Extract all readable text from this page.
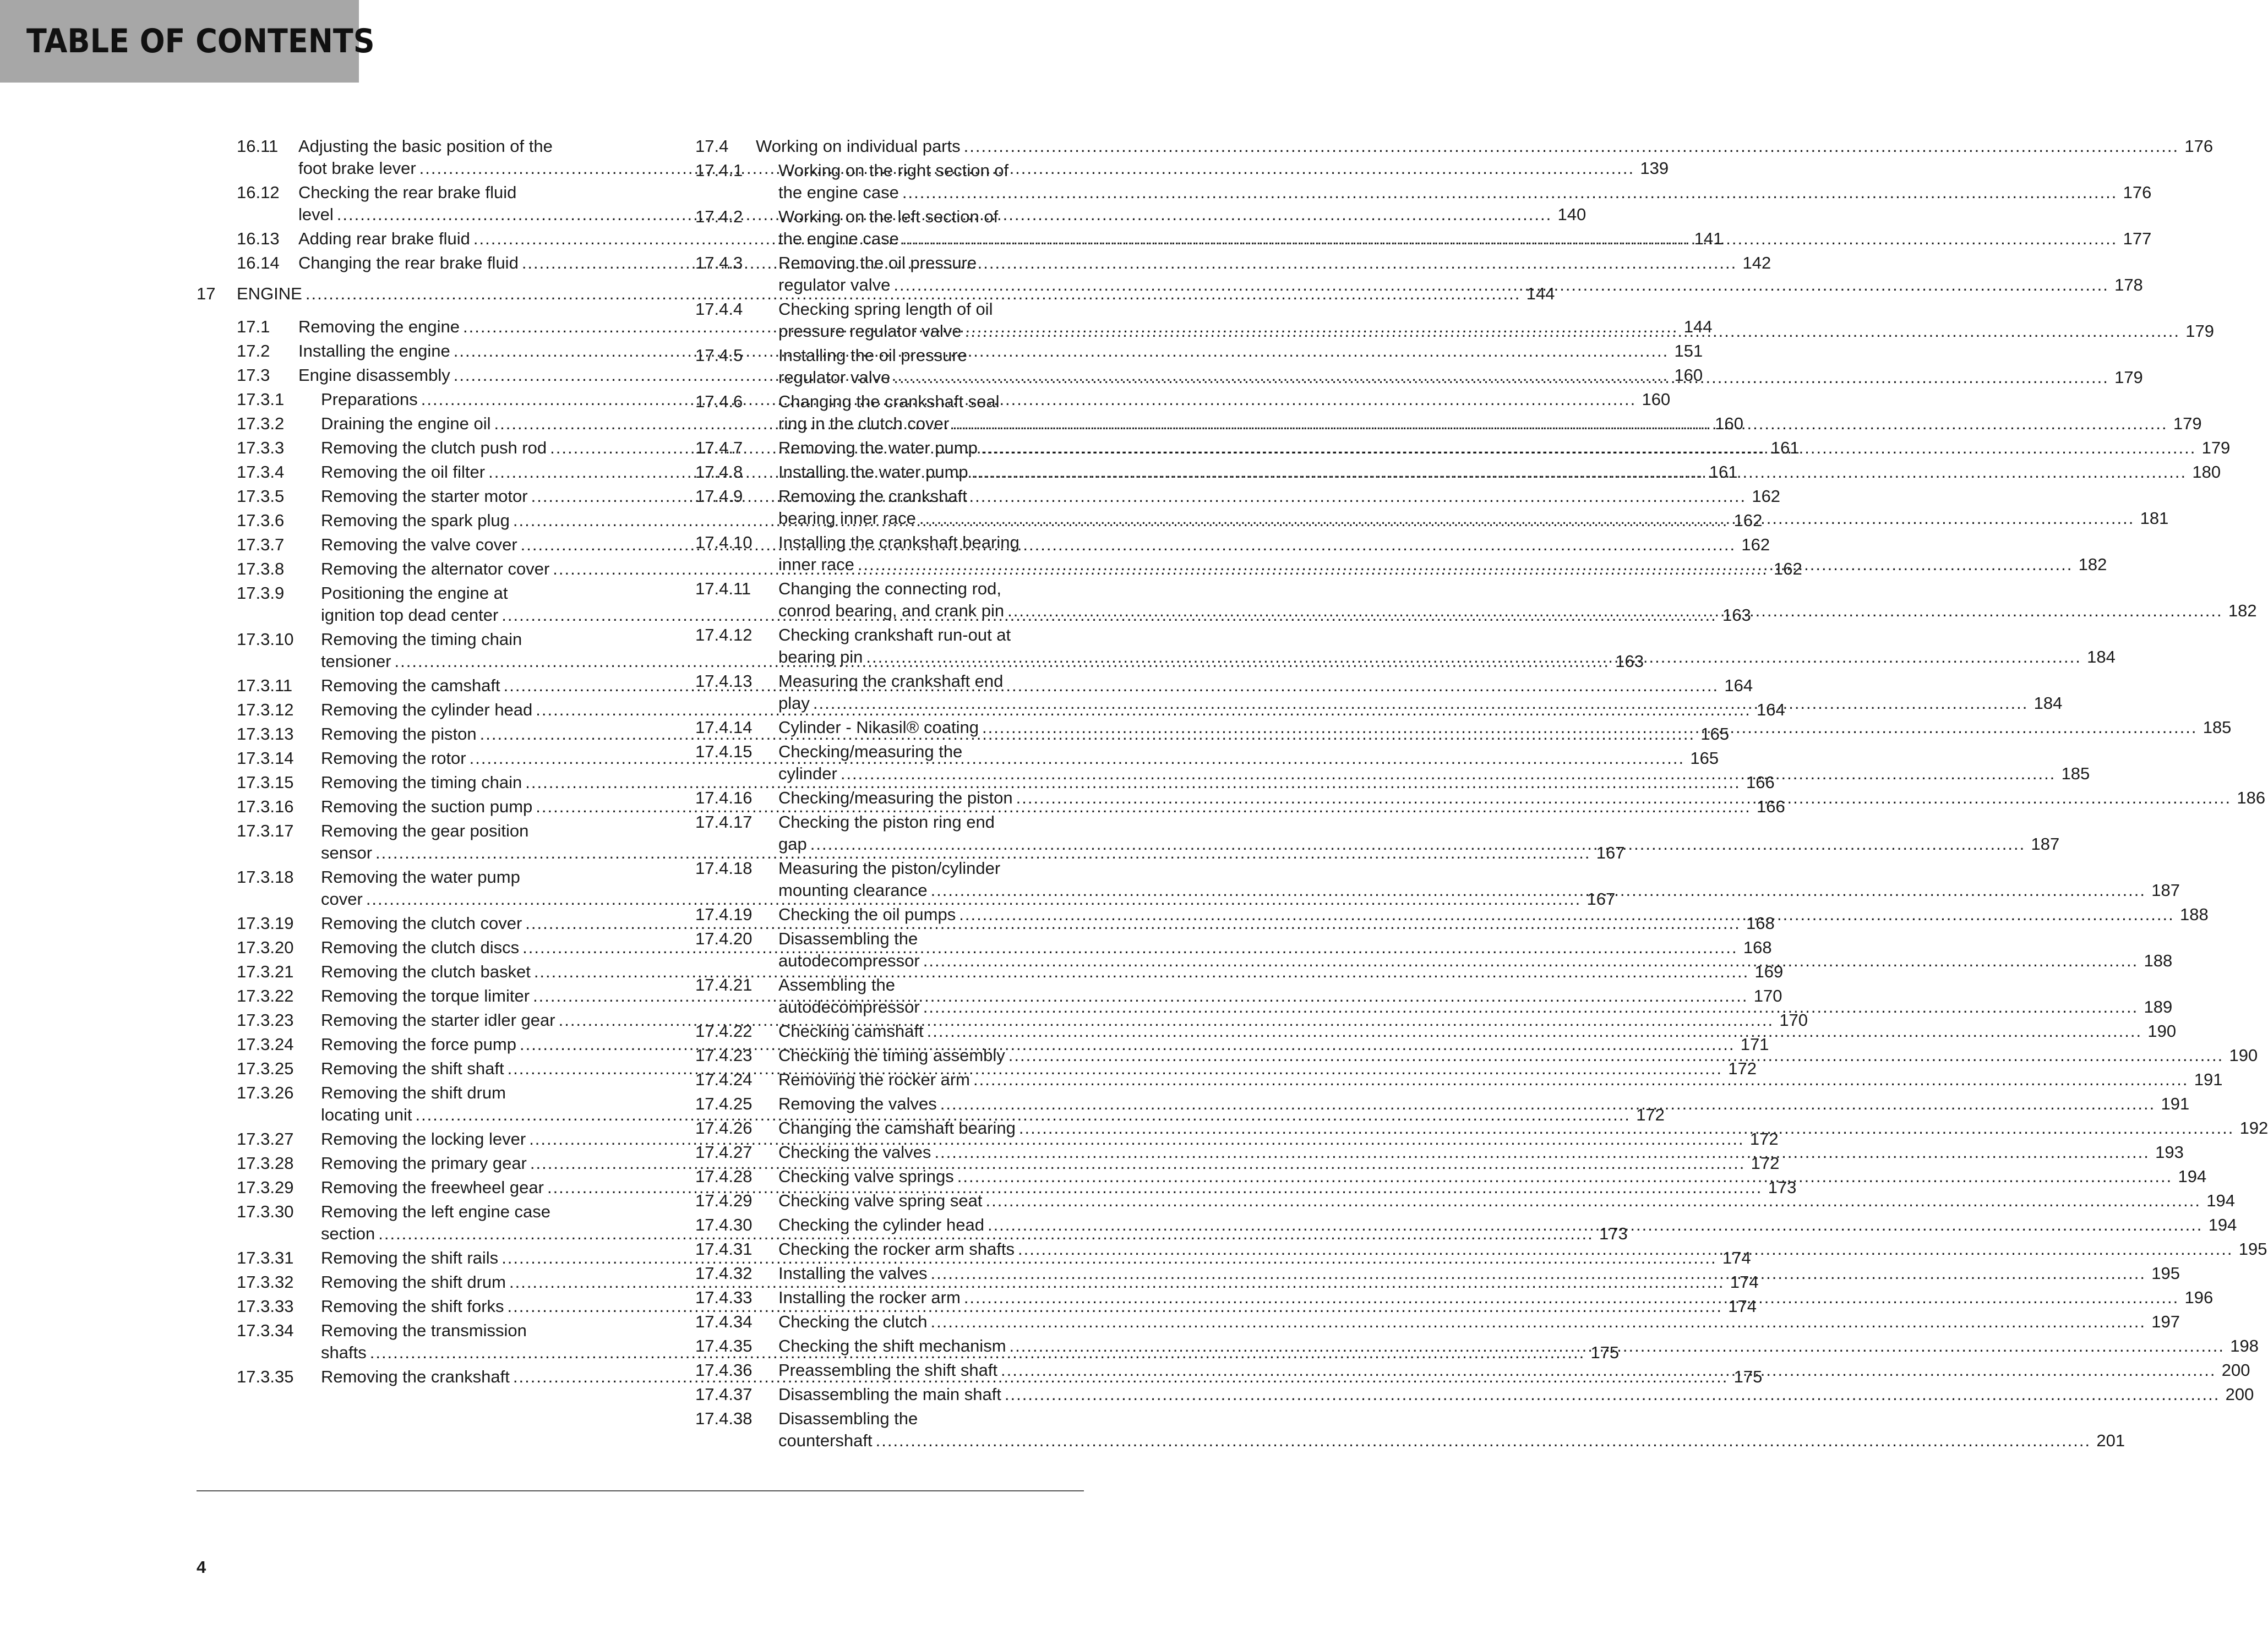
TABLE OF CONTENTS
16.11	Adjusting the basic position of the
foot brake lever .....	139
16.12	Checking the rear brake fluid
level .....	140
16.13	Adding rear brake fluid .....	141
16.14	Changing the rear brake fluid .....	142
17	ENGINE .....	144
17.1	Removing the engine .....	144
17.2	Installing the engine .....	151
17.3	Engine disassembly .....	160
17.3.1	Preparations .....	160
17.3.2	Draining the engine oil .....	160
17.3.3	Removing the clutch push rod .....	161
17.3.4	Removing the oil filter .....	161
17.3.5	Removing the starter motor .....	162
17.3.6	Removing the spark plug .....	162
17.3.7	Removing the valve cover .....	162
17.3.8	Removing the alternator cover .....	162
17.3.9	Positioning the engine at
ignition top dead center .....	163
17.3.10	Removing the timing chain
tensioner .....	163
17.3.11	Removing the camshaft .....	164
17.3.12	Removing the cylinder head .....	164
17.3.13	Removing the piston .....	165
17.3.14	Removing the rotor .....	165
17.3.15	Removing the timing chain .....	166
17.3.16	Removing the suction pump .....	166
17.3.17	Removing the gear position
sensor .....	167
17.3.18	Removing the water pump
cover .....	167
17.3.19	Removing the clutch cover .....	168
17.3.20	Removing the clutch discs .....	168
17.3.21	Removing the clutch basket .....	169
17.3.22	Removing the torque limiter .....	170
17.3.23	Removing the starter idler gear .....	170
17.3.24	Removing the force pump .....	171
17.3.25	Removing the shift shaft .....	172
17.3.26	Removing the shift drum
locating unit .....	172
17.3.27	Removing the locking lever .....	172
17.3.28	Removing the primary gear .....	172
17.3.29	Removing the freewheel gear .....	173
17.3.30	Removing the left engine case
section .....	173
17.3.31	Removing the shift rails .....	174
17.3.32	Removing the shift drum .....	174
17.3.33	Removing the shift forks .....	174
17.3.34	Removing the transmission
shafts .....	175
17.3.35	Removing the crankshaft .....	175
17.4	Working on individual parts .....	176
17.4.1	Working on the right section of
the engine case .....	176
17.4.2	Working on the left section of
the engine case .....	177
17.4.3	Removing the oil pressure
regulator valve .....	178
17.4.4	Checking spring length of oil
pressure regulator valve .....	179
17.4.5	Installing the oil pressure
regulator valve .....	179
17.4.6	Changing the crankshaft seal
ring in the clutch cover .....	179
17.4.7	Removing the water pump .....	179
17.4.8	Installing the water pump .....	180
17.4.9	Removing the crankshaft
bearing inner race .....	181
17.4.10	Installing the crankshaft bearing
inner race .....	182
17.4.11	Changing the connecting rod,
conrod bearing, and crank pin .....	182
17.4.12	Checking crankshaft run-out at
bearing pin .....	184
17.4.13	Measuring the crankshaft end
play .....	184
17.4.14	Cylinder - Nikasil® coating .....	185
17.4.15	Checking/measuring the
cylinder .....	185
17.4.16	Checking/measuring the piston .....	186
17.4.17	Checking the piston ring end
gap .....	187
17.4.18	Measuring the piston/cylinder
mounting clearance .....	187
17.4.19	Checking the oil pumps .....	188
17.4.20	Disassembling the
autodecompressor .....	188
17.4.21	Assembling the
autodecompressor .....	189
17.4.22	Checking camshaft .....	190
17.4.23	Checking the timing assembly .....	190
17.4.24	Removing the rocker arm .....	191
17.4.25	Removing the valves .....	191
17.4.26	Changing the camshaft bearing .....	192
17.4.27	Checking the valves .....	193
17.4.28	Checking valve springs .....	194
17.4.29	Checking valve spring seat .....	194
17.4.30	Checking the cylinder head .....	194
17.4.31	Checking the rocker arm shafts .....	195
17.4.32	Installing the valves .....	195
17.4.33	Installing the rocker arm .....	196
17.4.34	Checking the clutch .....	197
17.4.35	Checking the shift mechanism .....	198
17.4.36	Preassembling the shift shaft .....	200
17.4.37	Disassembling the main shaft .....	200
17.4.38	Disassembling the
countershaft .....	201
4
